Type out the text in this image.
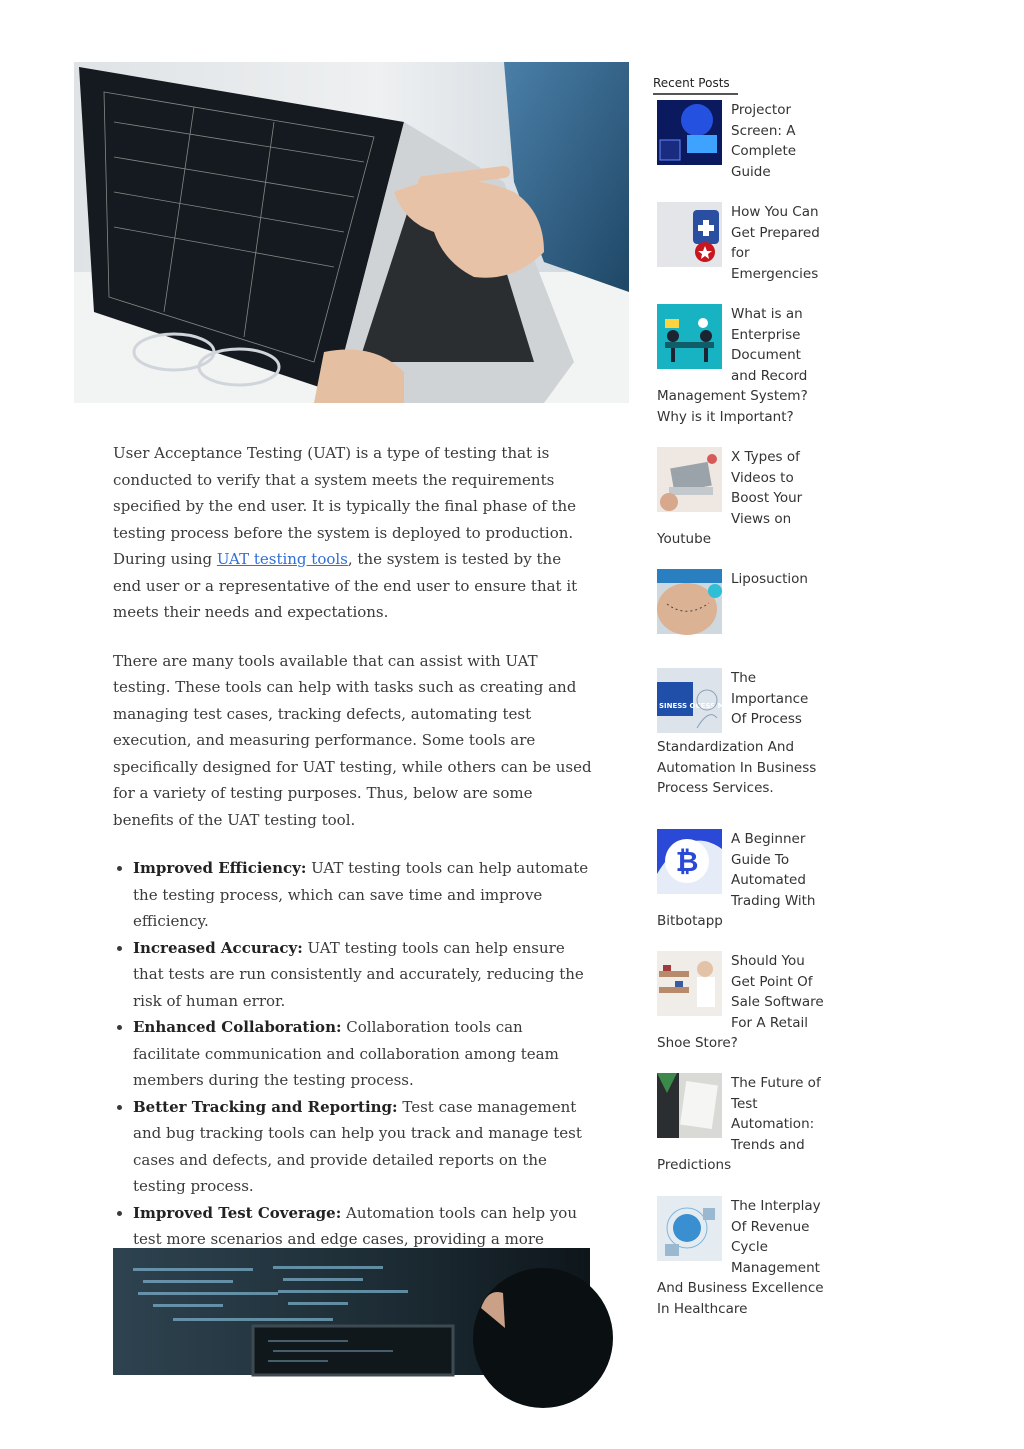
User Acceptance Testing (UAT) is a type of testing that is conducted to verify that a system meets the requirements specified by the end user. It is typically the final phase of the testing process before the system is deployed to production. During using UAT testing tools, the system is tested by the end user or a representative of the end user to ensure that it meets their needs and expectations.

There are many tools available that can assist with UAT testing. These tools can help with tasks such as creating and managing test cases, tracking defects, automating test execution, and measuring performance. Some tools are specifically designed for UAT testing, while others can be used for a variety of testing purposes. Thus, below are some benefits of the UAT testing tool.

• Improved Efficiency: UAT testing tools can help automate the testing process, which can save time and improve efficiency.
• Increased Accuracy: UAT testing tools can help ensure that tests are run consistently and accurately, reducing the risk of human error.
• Enhanced Collaboration: Collaboration tools can facilitate communication and collaboration among team members during the testing process.
• Better Tracking and Reporting: Test case management and bug tracking tools can help you track and manage test cases and defects, and provide detailed reports on the testing process.
• Improved Test Coverage: Automation tools can help you test more scenarios and edge cases, providing a more
•
Recent Posts
Projector Screen: A Complete Guide
How You Can Get Prepared for Emergencies
What is an Enterprise Document and Record Management System? Why is it Important?
X Types of Videos to Boost Your Views on Youtube
Liposuction
SINESS OCESS MATION
The Importance Of Process Standardization And Automation In Business Process Services.
₿
A Beginner Guide To Automated Trading With Bitbotapp
Should You Get Point Of Sale Software For A Retail Shoe Store?
The Future of Test Automation: Trends and Predictions
The Interplay Of Revenue Cycle Management And Business Excellence In Healthcare
